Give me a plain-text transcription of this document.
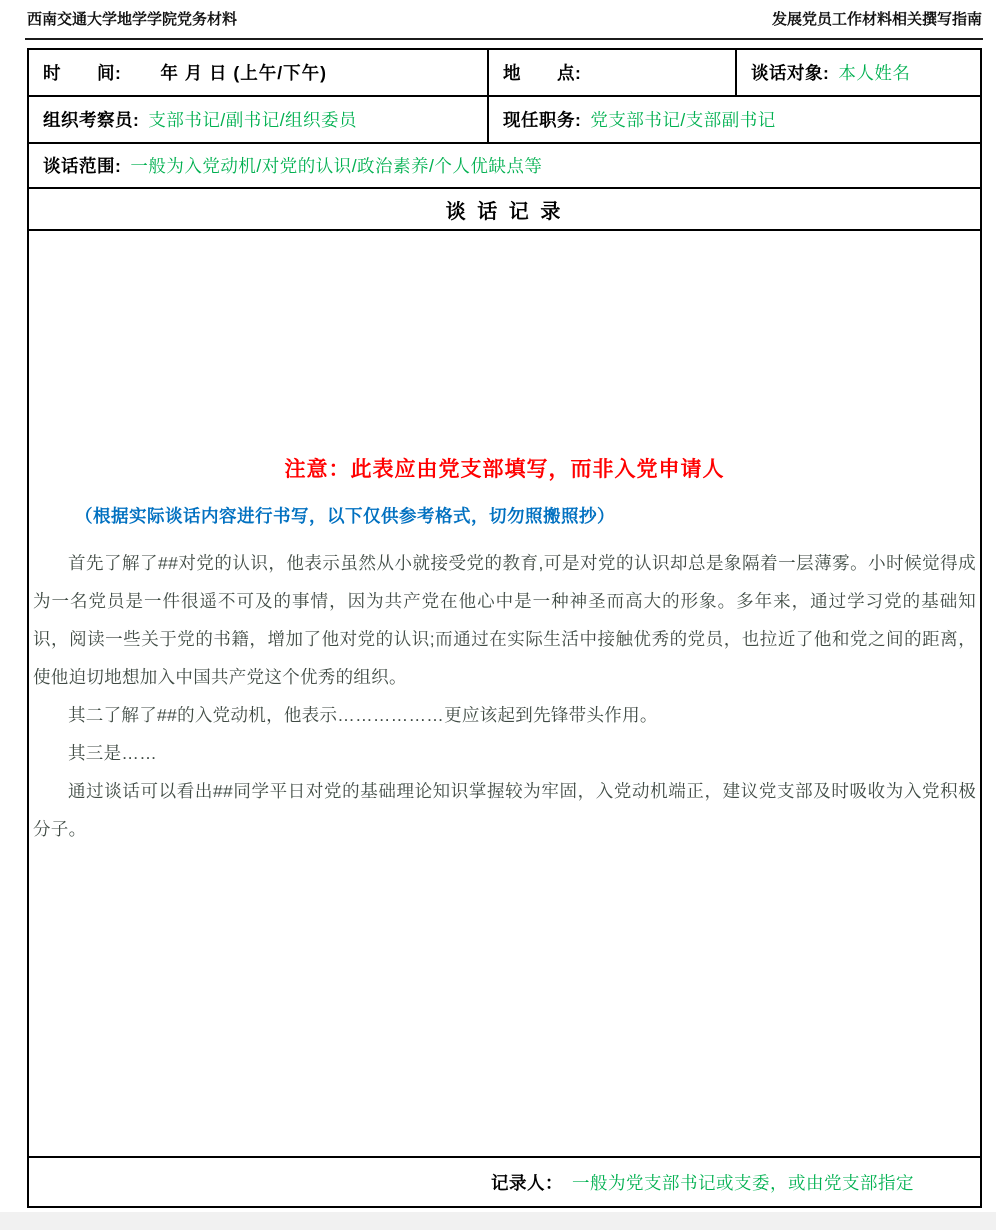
西南交通大学地学学院党务材料	发展党员工作材料相关撰写指南
时　　间: 年 月 日 (上午/下午)	地　　点:	谈话对象: 本人姓名
组织考察员: 支部书记/副书记/组织委员	现任职务: 党支部书记/支部副书记
谈话范围: 一般为入党动机/对党的认识/政治素养/个人优缺点等
谈 话 记 录
注意：此表应由党支部填写，而非入党申请人
（根据实际谈话内容进行书写，以下仅供参考格式，切勿照搬照抄）

首先了解了##对党的认识，他表示虽然从小就接受党的教育,可是对党的认识却总是象隔着一层薄雾。小时候觉得成为一名党员是一件很遥不可及的事情，因为共产党在他心中是一种神圣而高大的形象。多年来，通过学习党的基础知识，阅读一些关于党的书籍，增加了他对党的认识;而通过在实际生活中接触优秀的党员，也拉近了他和党之间的距离，使他迫切地想加入中国共产党这个优秀的组织。

其二了解了##的入党动机，他表示………………更应该起到先锋带头作用。

其三是……

通过谈话可以看出##同学平日对党的基础理论知识掌握较为牢固，入党动机端正，建议党支部及时吸收为入党积极分子。

记录人： 一般为党支部书记或支委，或由党支部指定
